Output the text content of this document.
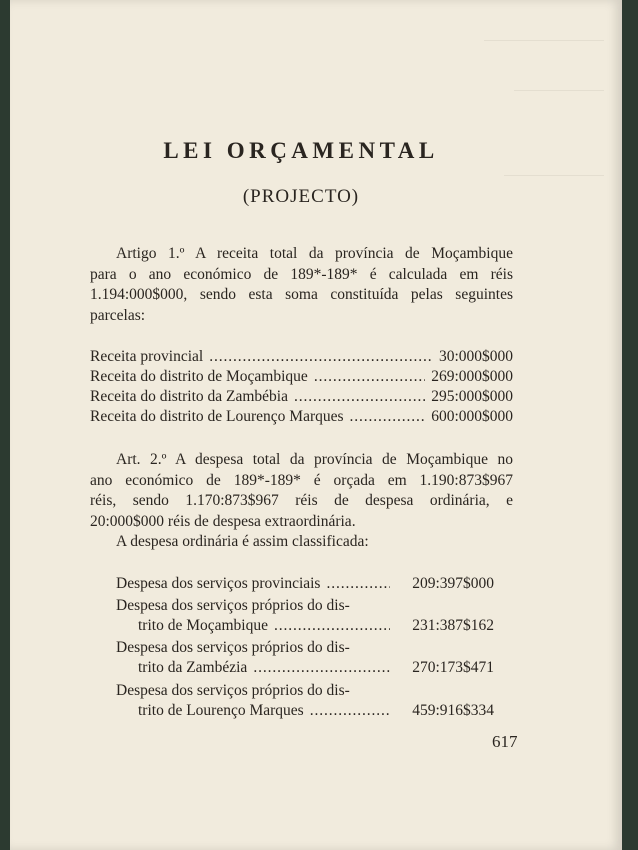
LEI ORÇAMENTAL
(PROJECTO)
Artigo 1.º A receita total da província de Moçambique
para o ano económico de 189*-189* é calculada em réis
1.194:000$000, sendo esta soma constituída pelas seguintes
parcelas:
Receita provincial . . .	30:000$000
Receita do distrito de Moçambique . . .	269:000$000
Receita do distrito da Zambébia . . .	295:000$000
Receita do distrito de Lourenço Marques . . .	600:000$000
Art. 2.º A despesa total da província de Moçambique no
ano económico de 189*-189* é orçada em 1.190:873$967
réis, sendo 1.170:873$967 réis de despesa ordinária, e
20:000$000 réis de despesa extraordinária.
A despesa ordinária é assim classificada:
Despesa dos serviços provinciais . . .	209:397$000
Despesa dos serviços próprios do dis-
trito de Moçambique . . .	231:387$162
Despesa dos serviços próprios do dis-
trito da Zambézia . . .	270:173$471
Despesa dos serviços próprios do dis-
trito de Lourenço Marques . . .	459:916$334
617
